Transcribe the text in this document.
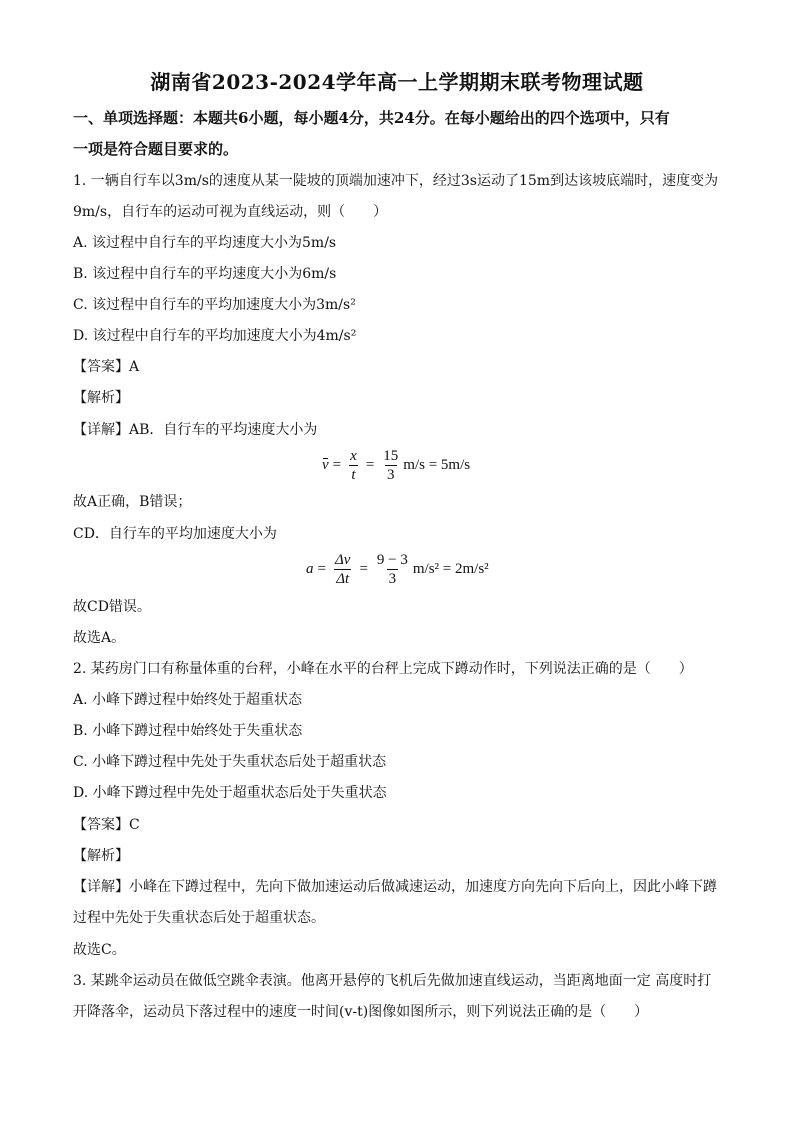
湖南省2023-2024学年高一上学期期末联考物理试题
一、单项选择题：本题共6小题，每小题4分，共24分。在每小题给出的四个选项中，只有
一项是符合题目要求的。
1. 一辆自行车以3m/s的速度从某一陡坡的顶端加速冲下，经过3s运动了15m到达该坡底端时，速度变为
9m/s，自行车的运动可视为直线运动，则（　　）
A. 该过程中自行车的平均速度大小为5m/s
B. 该过程中自行车的平均速度大小为6m/s
C. 该过程中自行车的平均加速度大小为3m/s²
D. 该过程中自行车的平均加速度大小为4m/s²
【答案】A
【解析】
【详解】AB．自行车的平均速度大小为
$v = \frac{x}{t} = \frac{15}{3} m/s = 5m/s$
故A正确，B错误；
CD．自行车的平均加速度大小为
$a = \frac{\Delta v}{\Delta t} = \frac{9 - 3}{3} m/s^2 = 2m/s^2$
故CD错误。
故选A。
2. 某药房门口有称量体重的台秤，小峰在水平的台秤上完成下蹲动作时，下列说法正确的是（　　）
A. 小峰下蹲过程中始终处于超重状态
B. 小峰下蹲过程中始终处于失重状态
C. 小峰下蹲过程中先处于失重状态后处于超重状态
D. 小峰下蹲过程中先处于超重状态后处于失重状态
【答案】C
【解析】
【详解】小峰在下蹲过程中，先向下做加速运动后做减速运动，加速度方向先向下后向上，因此小峰下蹲
过程中先处于失重状态后处于超重状态。
故选C。
3. 某跳伞运动员在做低空跳伞表演。他离开悬停的飞机后先做加速直线运动，当距离地面一定 高度时打
开降落伞，运动员下落过程中的速度一时间(v-t)图像如图所示，则下列说法正确的是（　　）
